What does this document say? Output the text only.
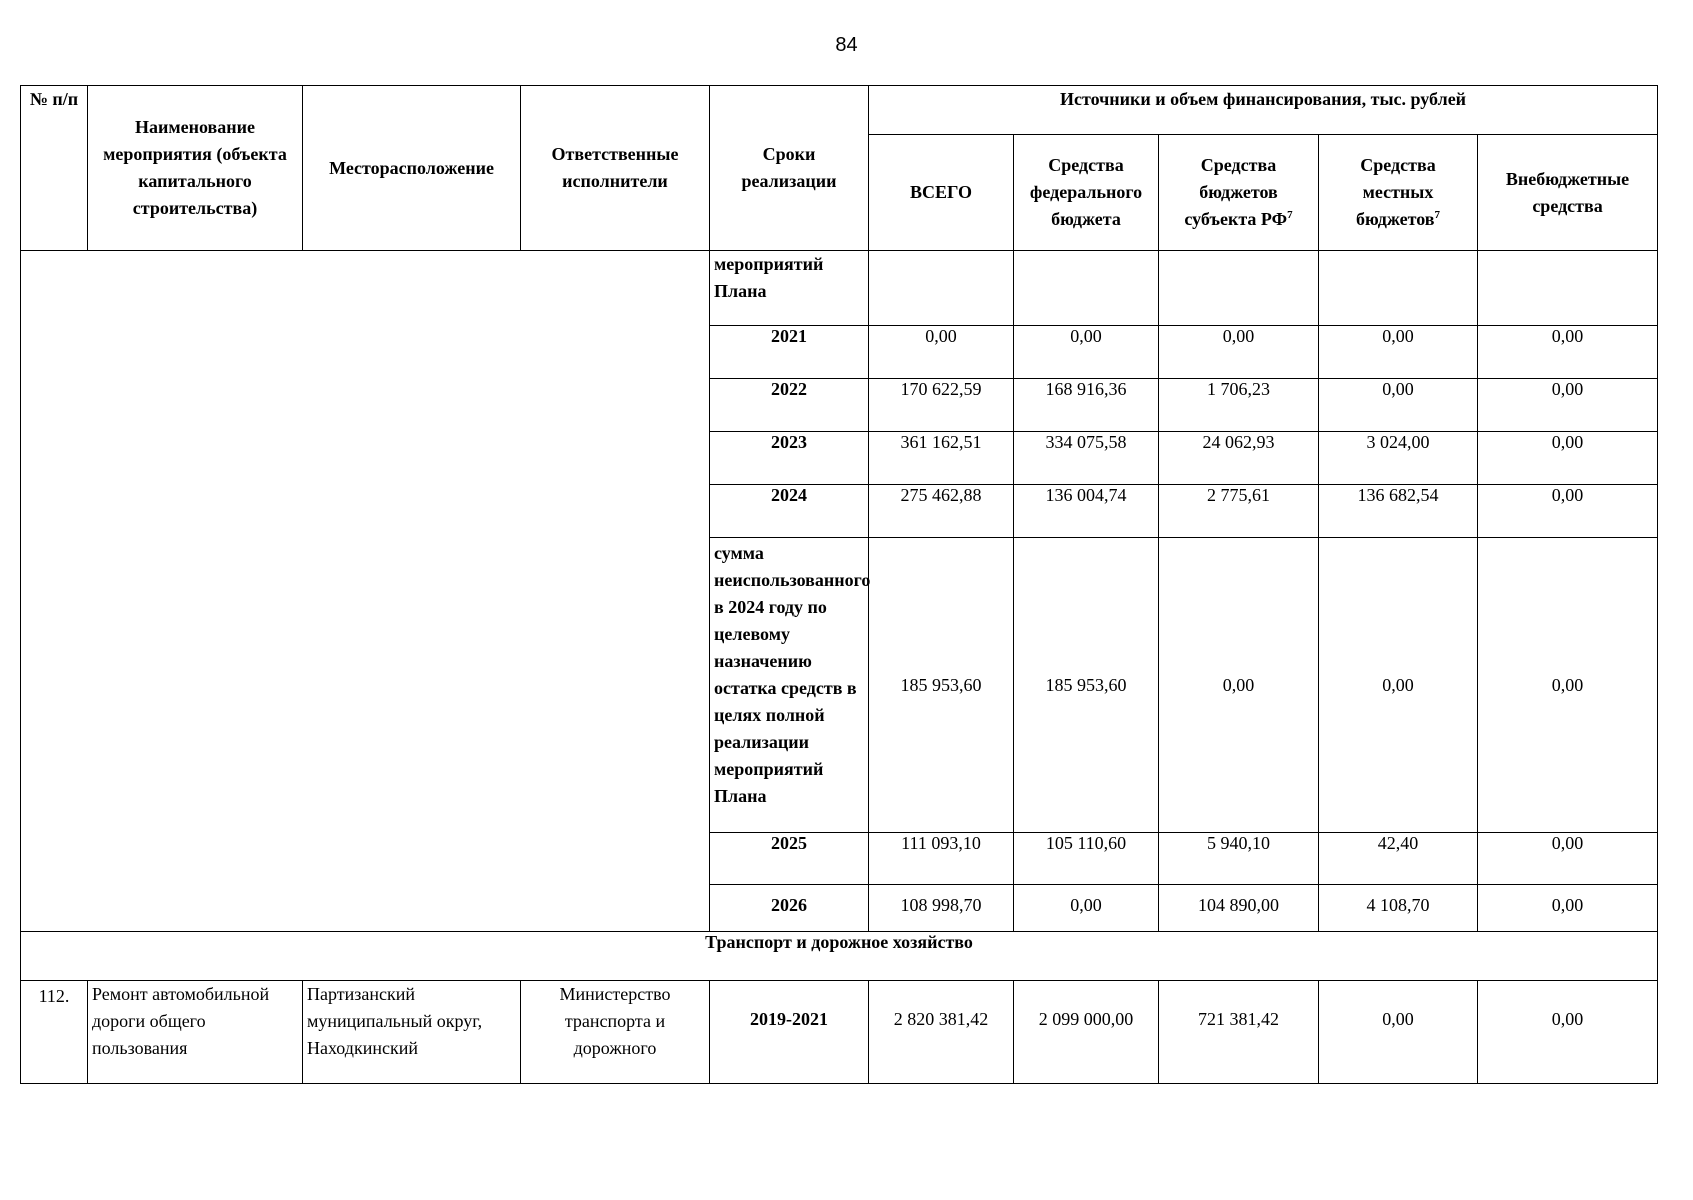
84
№ п/п	Наименование мероприятия (объекта капитального строительства)	Месторасположение	Ответственные исполнители	Сроки реализации	Источники и объем финансирования, тыс. рублей				
					ВСЕГО	Средства федерального бюджета	Средства бюджетов субъекта $РФ^7$	Средства местных бюджетов$^7$	Внебюджетные средства
				мероприятий Плана					
				2021	0,00	0,00	0,00	0,00	0,00
				2022	170 622,59	168 916,36	1 706,23	0,00	0,00
				2023	361 162,51	334 075,58	24 062,93	3 024,00	0,00
				2024	275 462,88	136 004,74	2 775,61	136 682,54	0,00
				сумма неиспользованного в 2024 году по целевому назначению остатка средств в целях полной реализации мероприятий Плана	185 953,60	185 953,60	0,00	0,00	0,00
				2025	111 093,10	105 110,60	5 940,10	42,40	0,00
				2026	108 998,70	0,00	104 890,00	4 108,70	0,00

Транспорт и дорожное хозяйство									
112.	Ремонт автомобильной дороги общего пользования	Партизанский муниципальный округ, Находкинский	Министерство транспорта и дорожного	2019-2021	2 820 381,42	2 099 000,00	721 381,42	0,00	0,00
